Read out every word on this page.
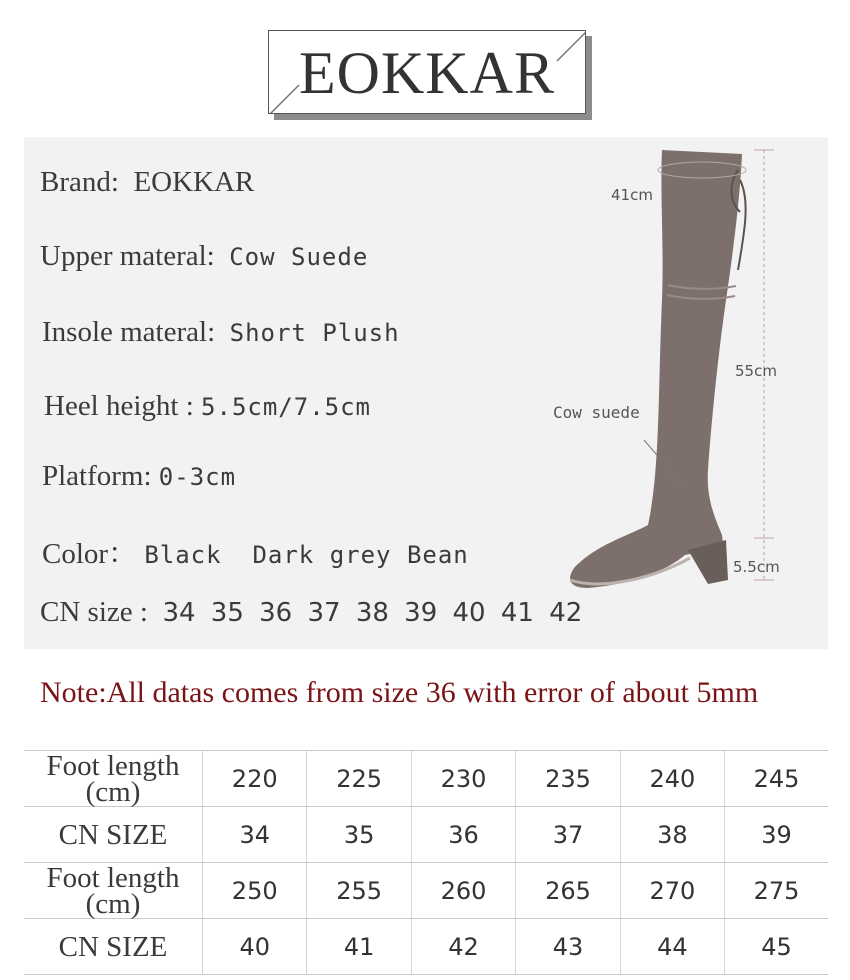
EOKKAR
Brand: EOKKAR
Upper materal: Cow Suede
Insole materal: Short Plush
Heel height : 5.5cm/7.5cm
Platform: 0-3cm
Color： Black  Dark grey Bean
CN size : 34 35 36 37 38 39 40 41 42
41cm
55cm
Cow suede
5.5cm
Note:All datas comes from size 36 with error of about 5mm
Foot length
(cm)	220	225	230	235	240	245

CN SIZE	34	35	36	37	38	39

Foot length
(cm)	250	255	260	265	270	275

CN SIZE	40	41	42	43	44	45
